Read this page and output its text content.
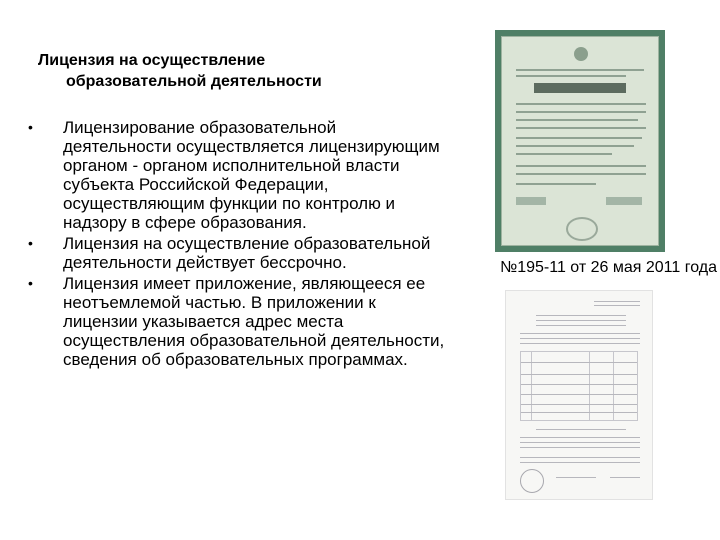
Лицензия на осуществление
образовательной деятельности
• Лицензирование образовательной деятельности осуществляется лицензирующим органом - органом исполнительной власти субъекта Российской Федерации, осуществляющим функции по контролю и надзору в сфере образования.
• Лицензия на осуществление образовательной деятельности действует бессрочно.
• Лицензия имеет приложение, являющееся ее неотъемлемой частью. В приложении к лицензии указывается адрес места осуществления образовательной деятельности, сведения об образовательных программах.
№195-11 от 26 мая 2011 года
